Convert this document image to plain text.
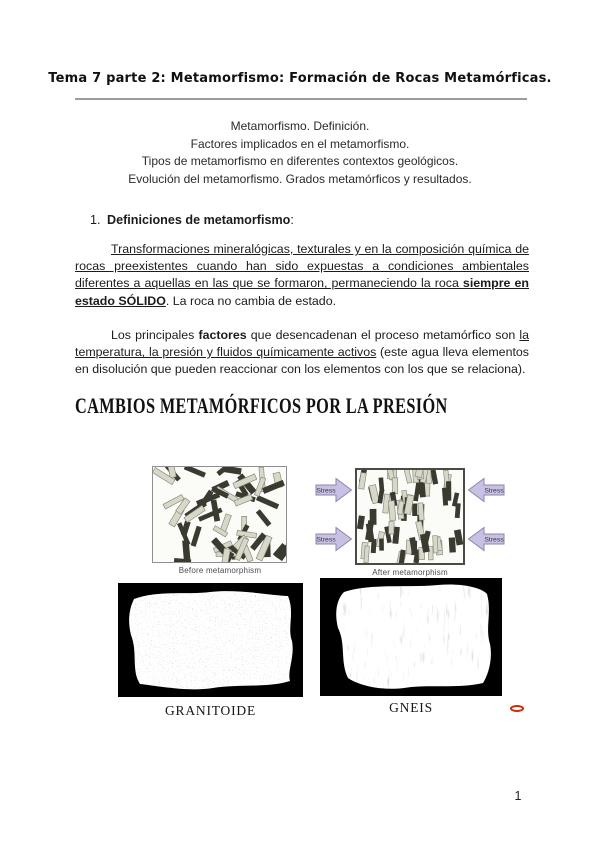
Tema 7 parte 2: Metamorfismo: Formación de Rocas Metamórficas.
Metamorfismo. Definición.
Factores implicados en el metamorfismo.
Tipos de metamorfismo en diferentes contextos geológicos.
Evolución del metamorfismo. Grados metamórficos y resultados.
1. Definiciones de metamorfismo:

Transformaciones mineralógicas, texturales y en la composición química de rocas preexistentes cuando han sido expuestas a condiciones ambientales diferentes a aquellas en las que se formaron, permaneciendo la roca siempre en estado SÓLIDO. La roca no cambia de estado.

Los principales factores que desencadenan el proceso metamórfico son la temperatura, la presión y fluidos químicamente activos (este agua lleva elementos en disolución que pueden reaccionar con los elementos con los que se relaciona).

CAMBIOS METAMÓRFICOS POR LA PRESIÓN
Before metamorphism	After metamorphism
Stress
Stress
Stress
Stress
GRANITOIDE	GNEIS
1
